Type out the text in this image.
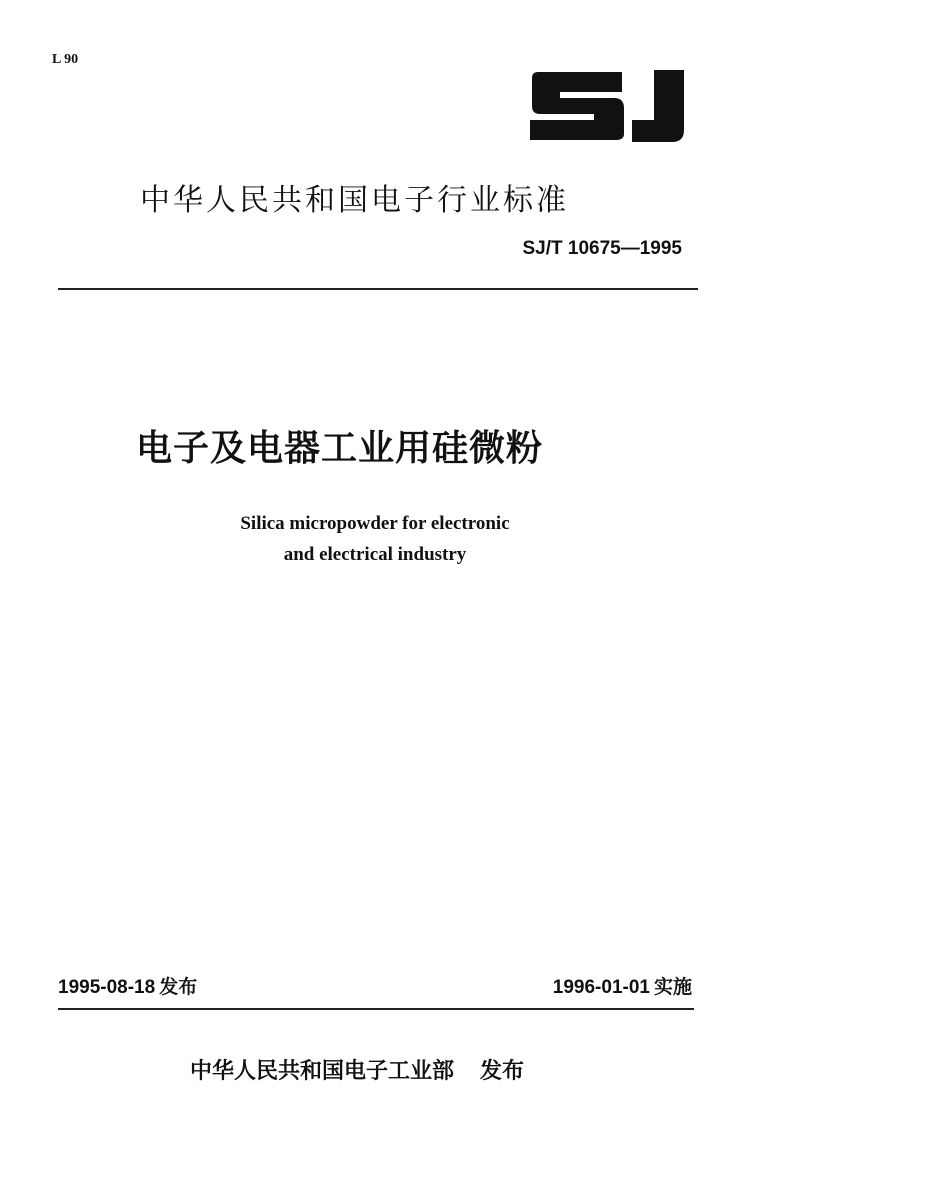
L 90
中华人民共和国电子行业标准
SJ/T 10675—1995
电子及电器工业用硅微粉
Silica micropowder for electronic
and electrical industry
1995-08-18 发布	1996-01-01 实施
中华人民共和国电子工业部 发布
